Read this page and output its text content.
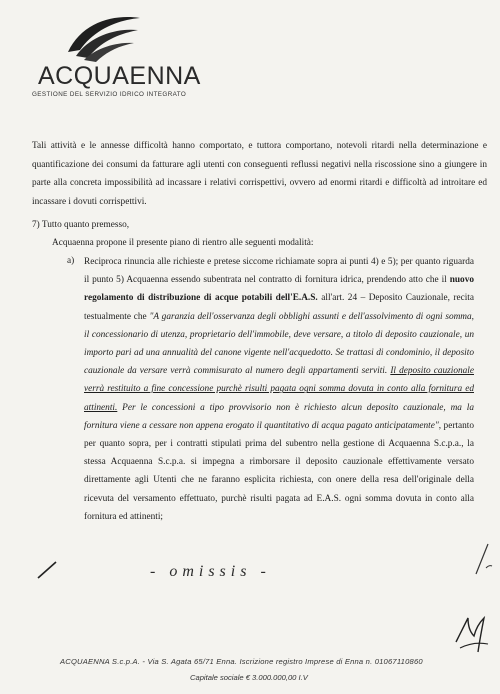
ACQUAENNA
GESTIONE DEL SERVIZIO IDRICO INTEGRATO

Tali attività e le annesse difficoltà hanno comportato, e tuttora comportano, notevoli ritardi nella determinazione e quantificazione dei consumi da fatturare agli utenti con conseguenti reflussi negativi nella riscossione sino a giungere in parte alla concreta impossibilità ad incassare i relativi corrispettivi, ovvero ad enormi ritardi e difficoltà ad introitare ed incassare i dovuti corrispettivi.

7) Tutto quanto premesso,
Acquaenna propone il presente piano di rientro alle seguenti modalità:
a) Reciproca rinuncia alle richieste e pretese siccome richiamate sopra ai punti 4) e 5); per quanto riguarda il punto 5) Acquaenna essendo subentrata nel contratto di fornitura idrica, prendendo atto che il nuovo regolamento di distribuzione di acque potabili dell'E.A.S. all'art. 24 – Deposito Cauzionale, recita testualmente che "A garanzia dell'osservanza degli obblighi assunti e dell'assolvimento di ogni somma, il concessionario di utenza, proprietario dell'immobile, deve versare, a titolo di deposito cauzionale, un importo pari ad una annualità del canone vigente nell'acquedotto. Se trattasi di condominio, il deposito cauzionale da versare verrà commisurato al numero degli appartamenti serviti. Il deposito cauzionale verrà restituito a fine concessione purchè risulti pagata ogni somma dovuta in conto alla fornitura ed attinenti. Per le concessioni a tipo provvisorio non è richiesto alcun deposito cauzionale, ma la fornitura viene a cessare non appena erogato il quantitativo di acqua pagato anticipatamente", pertanto per quanto sopra, per i contratti stipulati prima del subentro nella gestione di Acquaenna S.c.p.a., la stessa Acquaenna S.c.p.a. si impegna a rimborsare il deposito cauzionale effettivamente versato direttamente agli Utenti che ne faranno esplicita richiesta, con onere della resa dell'originale della ricevuta del versamento effettuato, purchè risulti pagata ad E.A.S. ogni somma dovuta in conto alla fornitura ed attinenti;

- omissis -
ACQUAENNA S.c.p.A. - Via S. Agata 65/71 Enna. Iscrizione registro Imprese di Enna n. 01067110860
Capitale sociale € 3.000.000,00 I.V
